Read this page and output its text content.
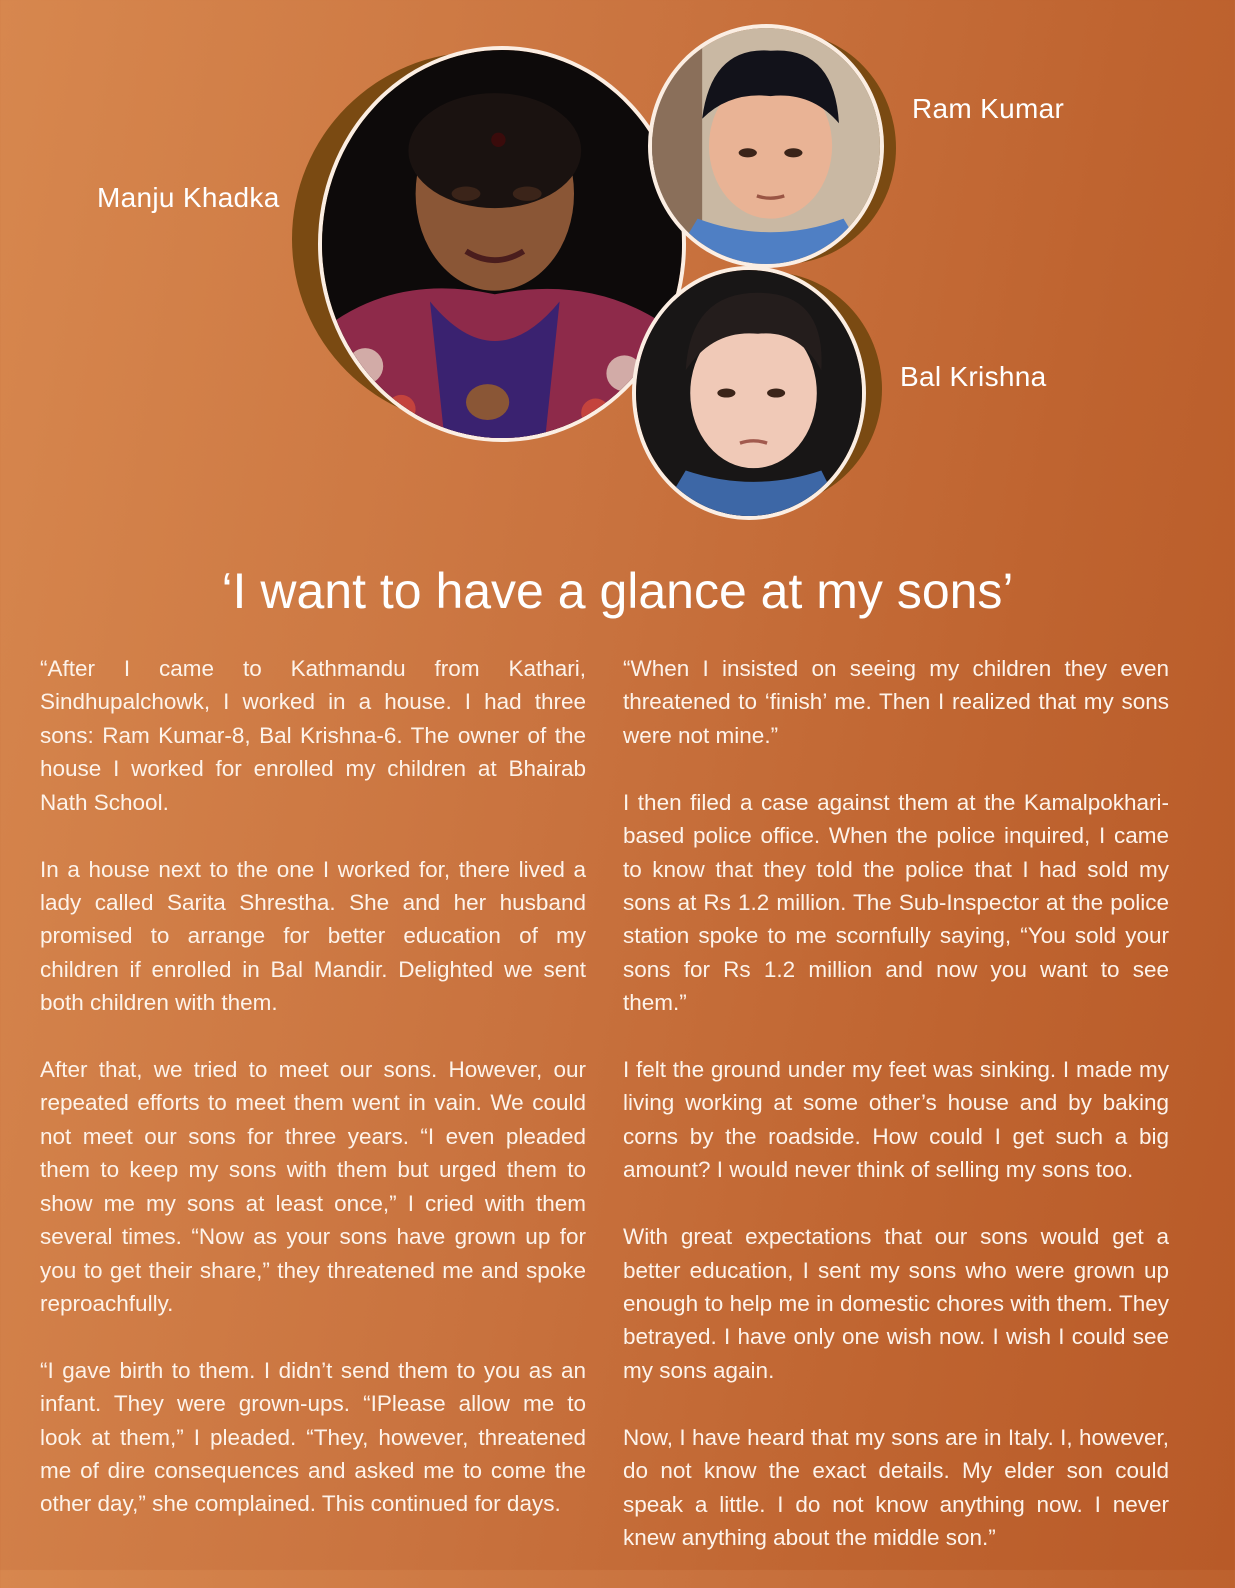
Manju Khadka
Ram Kumar
Bal Krishna
‘I want to have a glance at my sons’

“After I came to Kathmandu from Kathari, Sindhupalchowk, I worked in a house. I had three sons: Ram Kumar-8, Bal Krishna-6. The owner of the house I worked for enrolled my children at Bhairab Nath School.

In a house next to the one I worked for, there lived a lady called Sarita Shrestha. She and her husband promised to arrange for better education of my children if enrolled in Bal Mandir. Delighted we sent both children with them.

After that, we tried to meet our sons. However, our repeated efforts to meet them went in vain. We could not meet our sons for three years. “I even pleaded them to keep my sons with them but urged them to show me my sons at least once,” I cried with them several times. “Now as your sons have grown up for you to get their share,” they threatened me and spoke reproachfully.

“I gave birth to them. I didn’t send them to you as an infant. They were grown-ups. “IPlease allow me to look at them,” I pleaded. “They, however, threatened me of dire consequences and asked me to come the other day,” she complained. This continued for days.

“When I insisted on seeing my children they even threatened to ‘finish’ me. Then I realized that my sons were not mine.”

I then filed a case against them at the Kamalpokhari-based police office. When the police inquired, I came to know that they told the police that I had sold my sons at Rs 1.2 million. The Sub-Inspector at the police station spoke to me scornfully saying, “You sold your sons for Rs 1.2 million and now you want to see them.”

I felt the ground under my feet was sinking. I made my living working at some other’s house and by baking corns by the roadside. How could I get such a big amount? I would never think of selling my sons too.

With great expectations that our sons would get a better education, I sent my sons who were grown up enough to help me in domestic chores with them. They betrayed. I have only one wish now. I wish I could see my sons again.

Now, I have heard that my sons are in Italy. I, however, do not know the exact details. My elder son could speak a little. I do not know anything now. I never knew anything about the middle son.”
